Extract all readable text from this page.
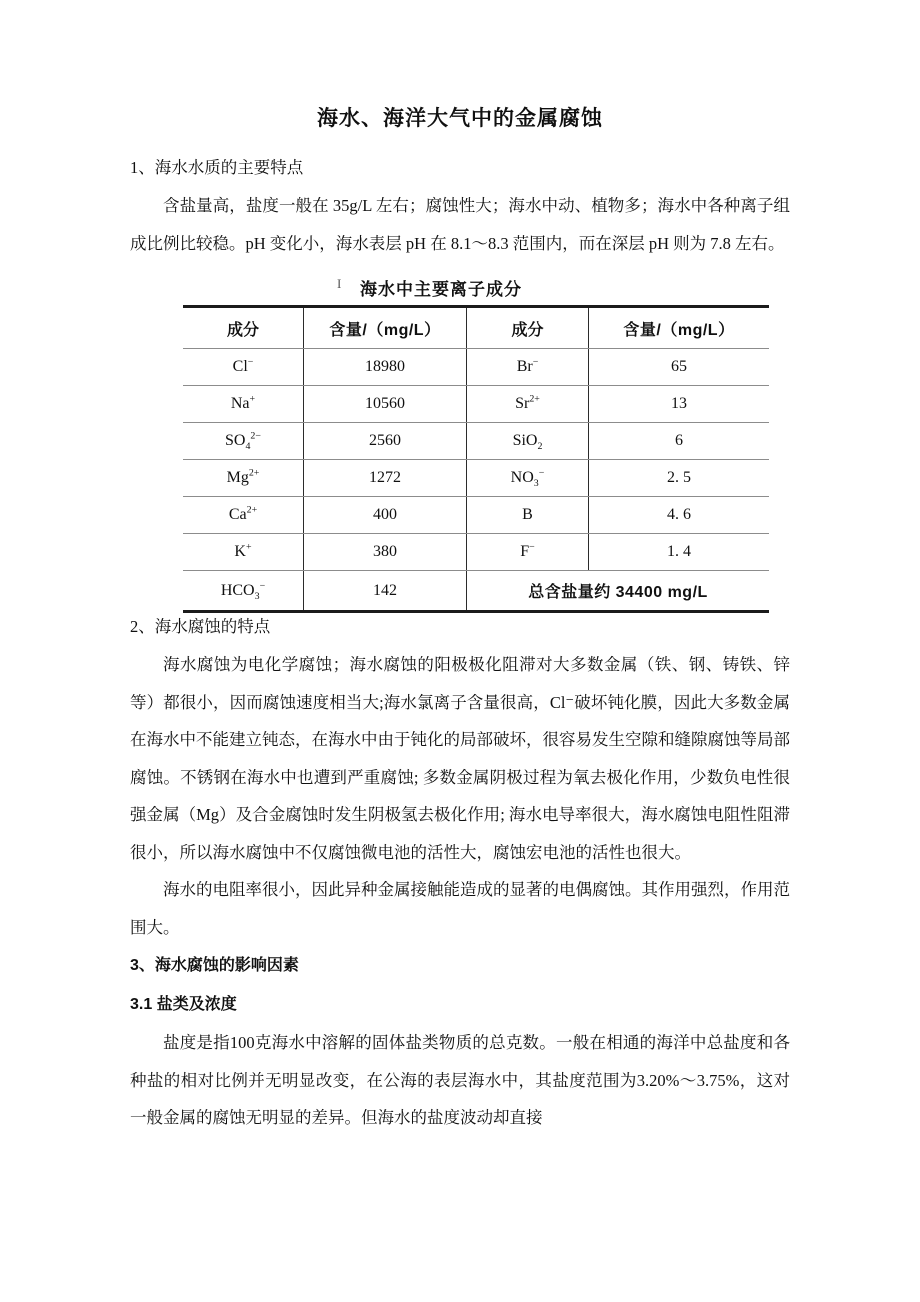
海水、海洋大气中的金属腐蚀

1、海水水质的主要特点

含盐量高，盐度一般在 35g/L 左右；腐蚀性大；海水中动、植物多；海水中各种离子组成比例比较稳。pH 变化小，海水表层 pH 在 8.1～8.3 范围内，而在深层 pH 则为 7.8 左右。

I 海水中主要离子成分
成分	含量/（mg/L）	成分	含量/（mg/L）
Cl−	18980	Br−	65
Na+	10560	$Sr^{2+}$	13
$SO_4^{2-}$	2560	SiO$_2$	6
$Mg^{2+}$	1272	$NO_3^-$	2. 5
$Ca^{2+}$	400	B	4. 6
K+	380	F−	1. 4
$HCO_3^-$	142	总含盐量约 34400 mg/L	

2、海水腐蚀的特点

海水腐蚀为电化学腐蚀；海水腐蚀的阳极极化阻滞对大多数金属（铁、钢、铸铁、锌等）都很小，因而腐蚀速度相当大;海水氯离子含量很高，Cl⁻破坏钝化膜，因此大多数金属在海水中不能建立钝态，在海水中由于钝化的局部破坏，很容易发生空隙和缝隙腐蚀等局部腐蚀。不锈钢在海水中也遭到严重腐蚀; 多数金属阴极过程为氧去极化作用，少数负电性很强金属（Mg）及合金腐蚀时发生阴极氢去极化作用; 海水电导率很大，海水腐蚀电阻性阻滞很小，所以海水腐蚀中不仅腐蚀微电池的活性大，腐蚀宏电池的活性也很大。

海水的电阻率很小，因此异种金属接触能造成的显著的电偶腐蚀。其作用强烈，作用范围大。

3、海水腐蚀的影响因素

3.1 盐类及浓度

盐度是指100克海水中溶解的固体盐类物质的总克数。一般在相通的海洋中总盐度和各种盐的相对比例并无明显改变，在公海的表层海水中，其盐度范围为3.20%～3.75%，这对一般金属的腐蚀无明显的差异。但海水的盐度波动却直接
